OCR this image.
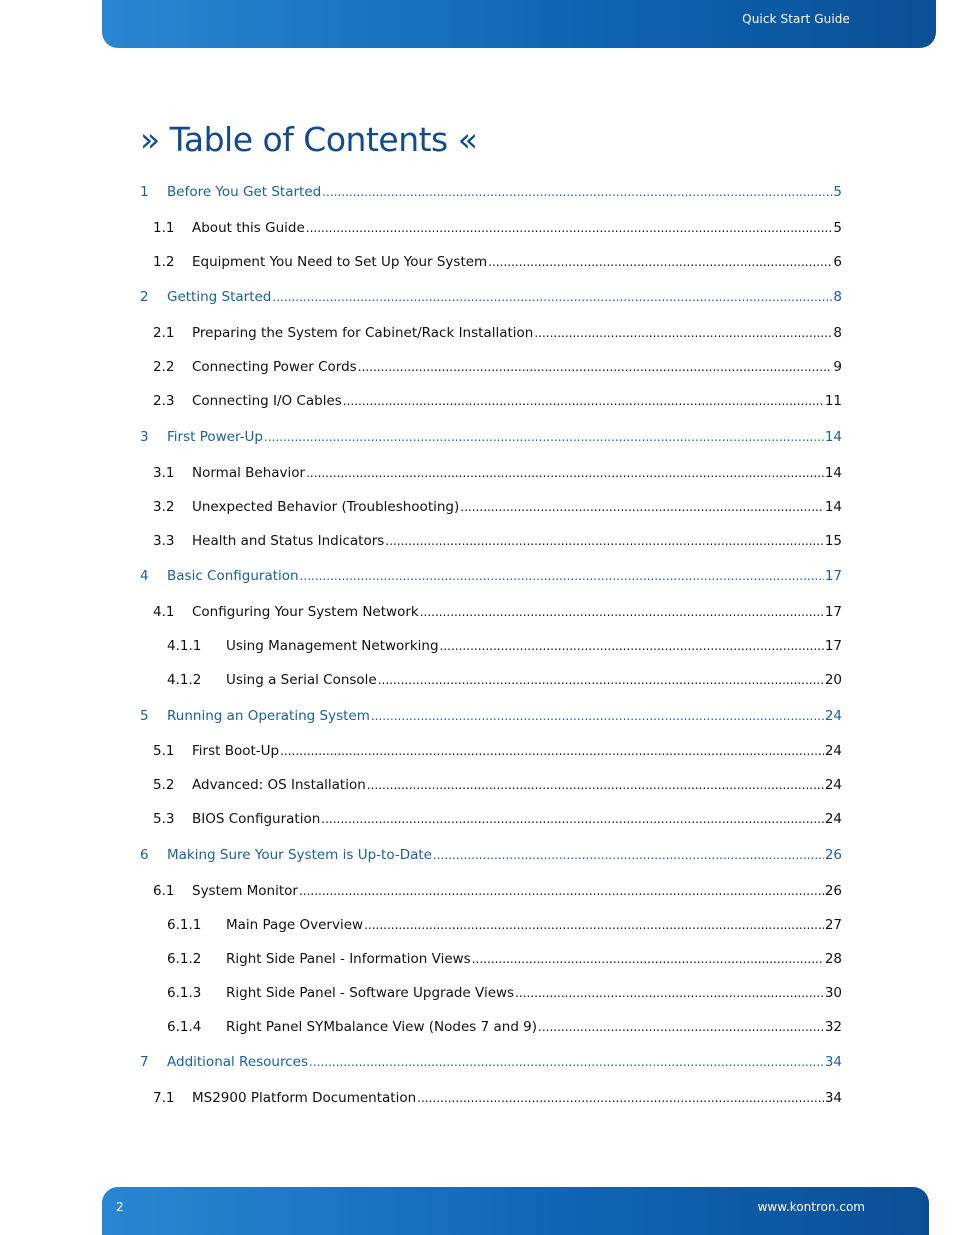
Quick Start Guide
» Table of Contents «
1 Before You Get Started .....	5
1.1 About this Guide .....	5
1.2 Equipment You Need to Set Up Your System .....	6
2 Getting Started .....	8
2.1 Preparing the System for Cabinet/Rack Installation .....	8
2.2 Connecting Power Cords .....	9
2.3 Connecting I/O Cables .....	11
3 First Power-Up .....	14
3.1 Normal Behavior .....	14
3.2 Unexpected Behavior (Troubleshooting) .....	14
3.3 Health and Status Indicators .....	15
4 Basic Configuration .....	17
4.1 Configuring Your System Network .....	17
4.1.1 Using Management Networking .....	17
4.1.2 Using a Serial Console .....	20
5 Running an Operating System .....	24
5.1 First Boot-Up .....	24
5.2 Advanced: OS Installation .....	24
5.3 BIOS Configuration .....	24
6 Making Sure Your System is Up-to-Date .....	26
6.1 System Monitor .....	26
6.1.1 Main Page Overview .....	27
6.1.2 Right Side Panel - Information Views .....	28
6.1.3 Right Side Panel - Software Upgrade Views .....	30
6.1.4 Right Panel SYMbalance View (Nodes 7 and 9) .....	32
7 Additional Resources .....	34
7.1 MS2900 Platform Documentation .....	34
2	www.kontron.com
